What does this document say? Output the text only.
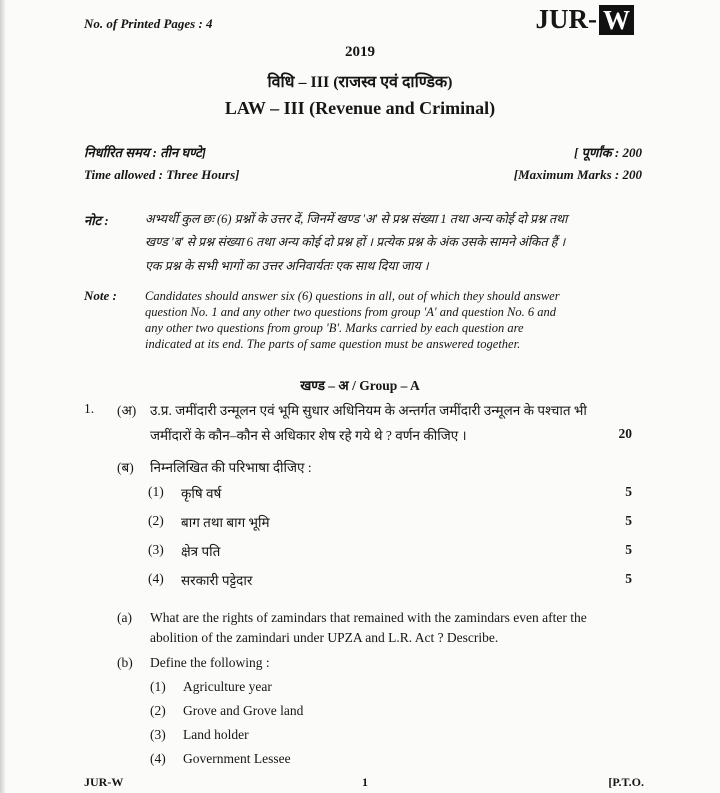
No. of Printed Pages : 4	JUR- W
2019
विधि – III (राजस्व एवं दाण्डिक)
LAW – III (Revenue and Criminal)
निर्धारित समय : तीन घण्टे]	[ पूर्णांक : 200
Time allowed : Three Hours]	[Maximum Marks : 200
नोट :	अभ्यर्थी कुल छः (6) प्रश्नों के उत्तर दें, जिनमें खण्ड 'अ' से प्रश्न संख्या 1 तथा अन्य कोई दो प्रश्न तथा
खण्ड 'ब' से प्रश्न संख्या 6 तथा अन्य कोई दो प्रश्न हों । प्रत्येक प्रश्न के अंक उसके सामने अंकित हैं ।
एक प्रश्न के सभी भागों का उत्तर अनिवार्यतः एक साथ दिया जाय ।
Note : Candidates should answer six (6) questions in all, out of which they should answer
question No. 1 and any other two questions from group 'A' and question No. 6 and
any other two questions from group 'B'. Marks carried by each question are
indicated at its end. The parts of same question must be answered together.
खण्ड – अ / Group – A
1. (अ) उ.प्र. जमींदारी उन्मूलन एवं भूमि सुधार अधिनियम के अन्तर्गत जमींदारी उन्मूलन के पश्चात भी
जमींदारों के कौन–कौन से अधिकार शेष रहे गये थे ? वर्णन कीजिए ।	20
(ब) निम्नलिखित की परिभाषा दीजिए :
(1) कृषि वर्ष	5
(2) बाग तथा बाग भूमि	5
(3) क्षेत्र पति	5
(4) सरकारी पट्टेदार	5
(a) What are the rights of zamindars that remained with the zamindars even after the
abolition of the zamindari under UPZA and L.R. Act ? Describe.
(b) Define the following :
(1) Agriculture year
(2) Grove and Grove land
(3) Land holder
(4) Government Lessee
JUR-W	1	[P.T.O.
